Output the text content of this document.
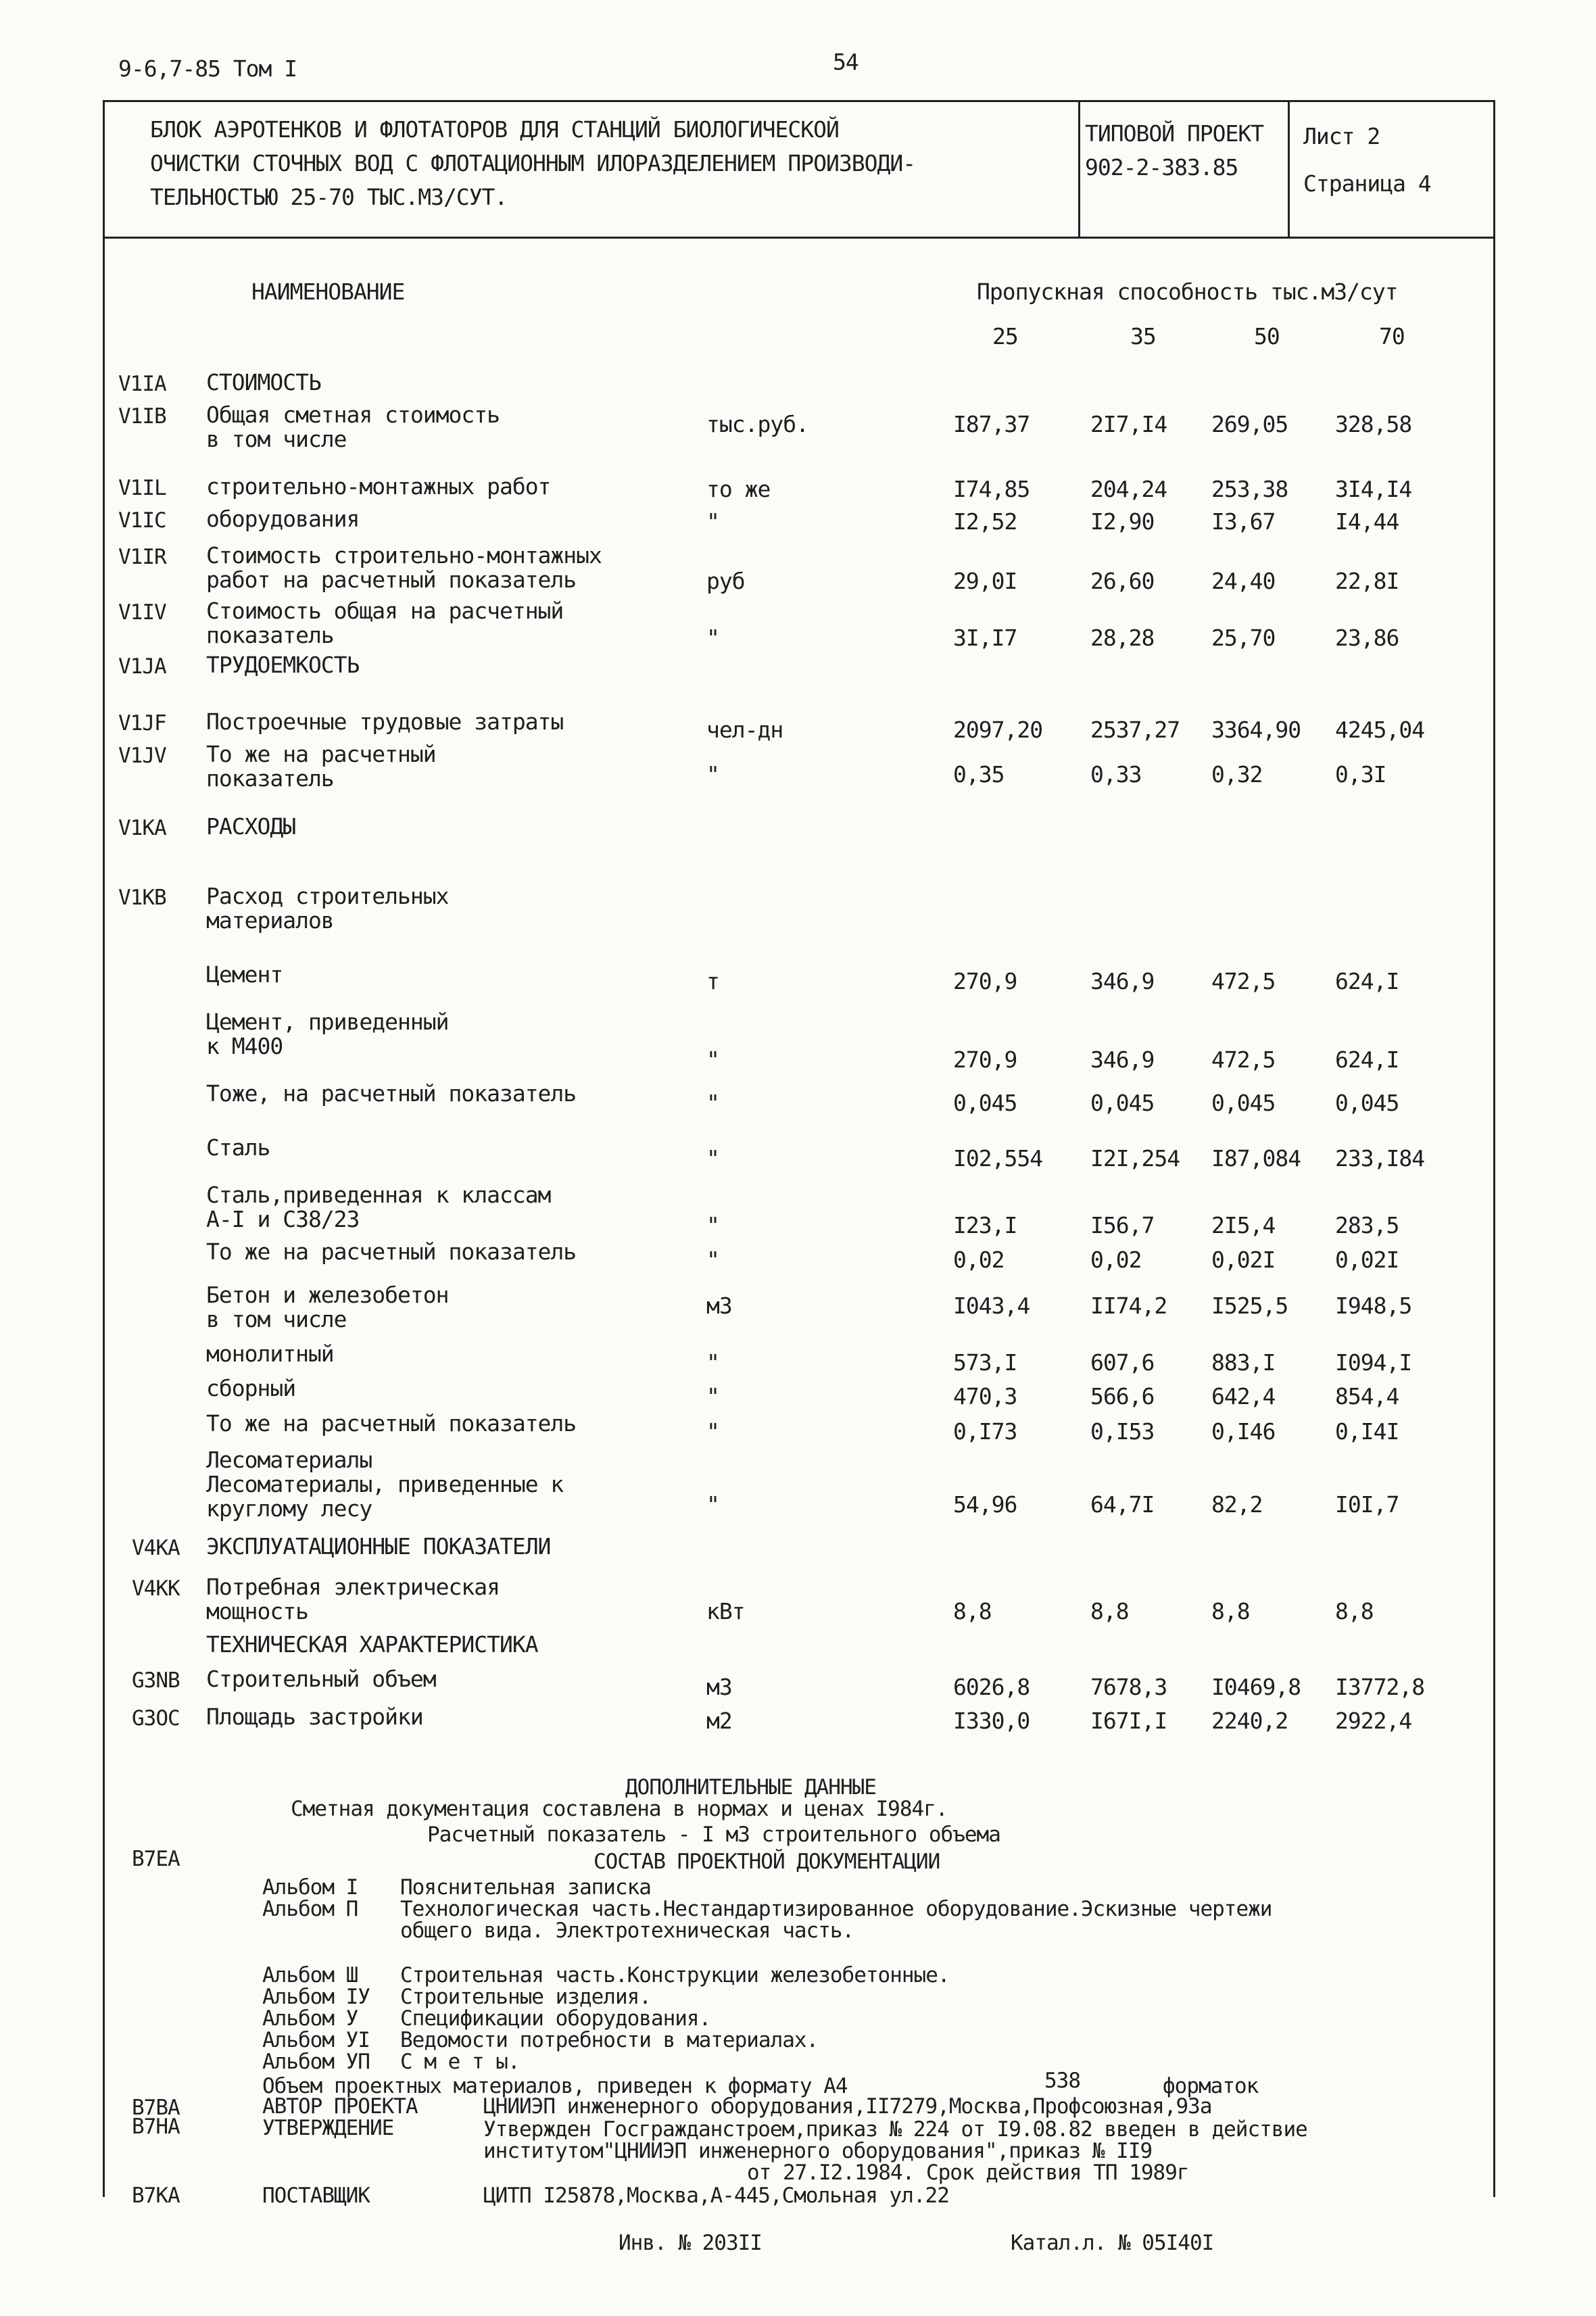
9-6,7-85 Том I	54
БЛОК АЭРОТЕНКОВ И ФЛОТАТОРОВ ДЛЯ СТАНЦИЙ БИОЛОГИЧЕСКОЙ
ОЧИСТКИ СТОЧНЫХ ВОД С ФЛОТАЦИОННЫМ ИЛОРАЗДЕЛЕНИЕМ ПРОИЗВОДИ-
ТЕЛЬНОСТЬЮ 25-70 ТЫС.М3/СУТ.
ТИПОВОЙ ПРОЕКТ
902-2-383.85
Лист 2
Страница 4
НАИМЕНОВАНИЕ	Пропускная способность тыс.м3/сут
25	35	50	70
V1IA СТОИМОСТЬ
V1IB Общая сметная стоимость
в том числе
тыс.руб.	I87,37	2I7,I4 269,05 328,58
V1IL строительно-монтажных работ	то же	I74,85	204,24 253,38 3I4,I4
V1IC оборудования	"	I2,52	I2,90	I3,67	I4,44
V1IR Стоимость строительно-монтажных
работ на расчетный показатель	руб	29,0I	26,60	24,40	22,8I
V1IV Стоимость общая на расчетный
показатель	"	3I,I7	28,28	25,70	23,86
V1JA ТРУДОЕМКОСТЬ
V1JF Построечные трудовые затраты	чел-дн	2097,20 2537,27 3364,90 4245,04
V1JV То же на расчетный
показатель	"	0,35	0,33	0,32	0,3I
V1KA РАСХОДЫ
V1KB Расход строительных
материалов
Цемент	т	270,9	346,9	472,5	624,I
Цемент, приведенный
к М400
"	270,9	346,9	472,5	624,I
Тоже, на расчетный показатель	"	0,045	0,045	0,045	0,045
Сталь	"	I02,554 I2I,254 I87,084 233,I84
Сталь,приведенная к классам
А-I и С38/23	"	I23,I	I56,7	2I5,4	283,5
То же на расчетный показатель	"	0,02	0,02	0,02I	0,02I
Бетон и железобетон
в том числе
м3	I043,4	II74,2 I525,5 I948,5
монолитный	"	573,I	607,6	883,I	I094,I
сборный	"	470,3	566,6	642,4	854,4
То же на расчетный показатель	"	0,I73	0,I53	0,I46	0,I4I
Лесоматериалы
Лесоматериалы, приведенные к
круглому лесу	"	54,96	64,7I	82,2	I0I,7
V4KA ЭКСПЛУАТАЦИОННЫЕ ПОКАЗАТЕЛИ
V4KK Потребная электрическая
мощность	кВт	8,8	8,8	8,8	8,8
ТЕХНИЧЕСКАЯ ХАРАКТЕРИСТИКА
G3NB Строительный объем	м3	6026,8	7678,3 I0469,8 I3772,8
G3OC Площадь застройки	м2	I330,0	I67I,I 2240,2 2922,4
ДОПОЛНИТЕЛЬНЫЕ ДАННЫЕ
Сметная документация составлена в нормах и ценах I984г.
Расчетный показатель - I м3 строительного объема
B7EA	СОСТАВ ПРОЕКТНОЙ ДОКУМЕНТАЦИИ
Альбом I Пояснительная записка
Альбом П Технологическая часть.Нестандартизированное оборудование.Эскизные чертежи
общего вида. Электротехническая часть.
Альбом Ш Строительная часть.Конструкции железобетонные.
Альбом IУ Строительные изделия.
Альбом У Спецификации оборудования.
Альбом УI Ведомости потребности в материалах.
Альбом УП С м е т ы.
Объем проектных материалов, приведен к формату А4	538	форматок
B7BA	АВТОР ПРОЕКТА	ЦНИИЭП инженерного оборудования,II7279,Москва,Профсоюзная,93а
B7HA	УТВЕРЖДЕНИЕ	Утвержден Госгражданстроем,приказ № 224 от I9.08.82 введен в действие
институтом"ЦНИИЭП инженерного оборудования",приказ № II9
от 27.I2.1984. Срок действия ТП 1989г
B7KA	ПОСТАВЩИК	ЦИТП I25878,Москва,А-445,Смольная ул.22
Инв. № 203II	Катал.л. № 05I40I
